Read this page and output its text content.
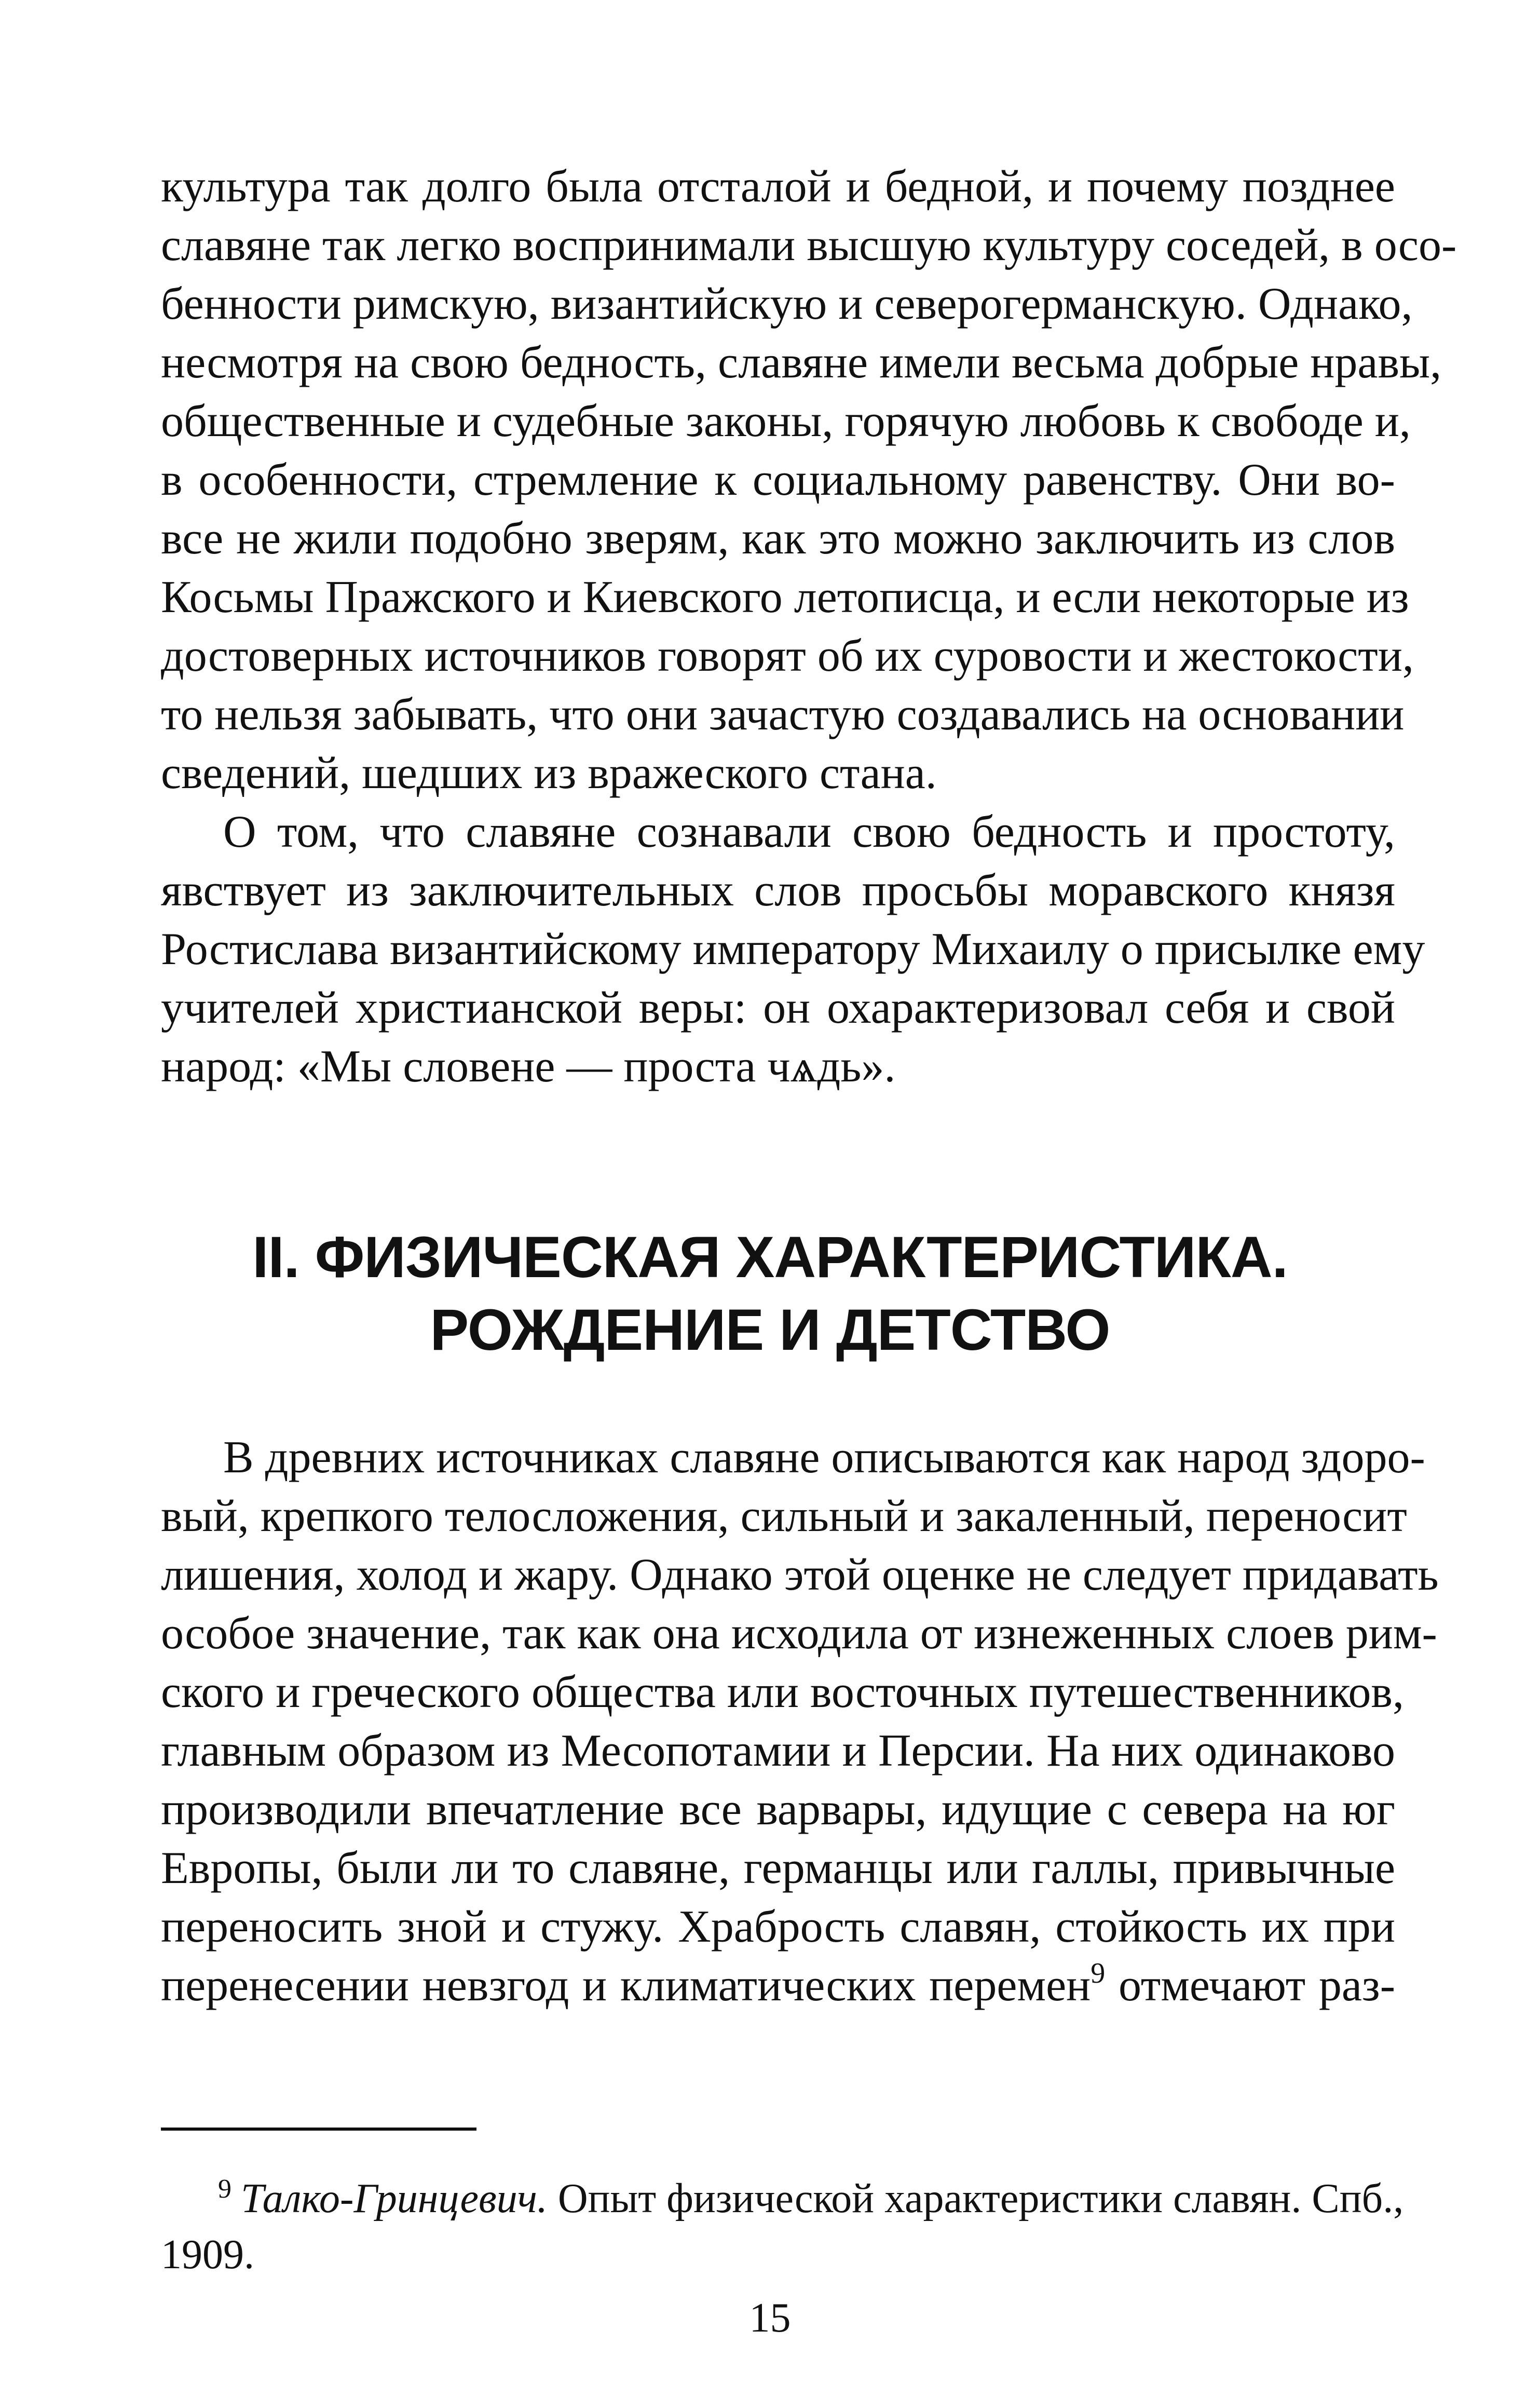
культура так долго была отсталой и бедной, и почему позднее
славяне так легко воспринимали высшую культуру соседей, в осо-
бенности римскую, византийскую и северогерманскую. Однако,
несмотря на свою бедность, славяне имели весьма добрые нравы,
общественные и судебные законы, горячую любовь к свободе и,
в особенности, стремление к социальному равенству. Они во-
все не жили подобно зверям, как это можно заключить из слов
Косьмы Пражского и Киевского летописца, и если некоторые из
достоверных источников говорят об их суровости и жестокости,
то нельзя забывать, что они зачастую создавались на основании
сведений, шедших из вражеского стана.
О том, что славяне сознавали свою бедность и простоту,
явствует из заключительных слов просьбы моравского князя
Ростислава византийскому императору Михаилу о присылке ему
учителей христианской веры: он охарактеризовал себя и свой
народ: «Мы словене — проста чѧдь».
II. ФИЗИЧЕСКАЯ ХАРАКТЕРИСТИКА.
РОЖДЕНИЕ И ДЕТСТВО
В древних источниках славяне описываются как народ здоро-
вый, крепкого телосложения, сильный и закаленный, переносит
лишения, холод и жару. Однако этой оценке не следует придавать
особое значение, так как она исходила от изнеженных слоев рим-
ского и греческого общества или восточных путешественников,
главным образом из Месопотамии и Персии. На них одинаково
производили впечатление все варвары, идущие с севера на юг
Европы, были ли то славяне, германцы или галлы, привычные
переносить зной и стужу. Храбрость славян, стойкость их при
перенесении невзгод и климатических перемен$^9$ отмечают раз-
$^9$ Талко-Гринцевич. Опыт физической характеристики славян. Спб.,
1909.
15
